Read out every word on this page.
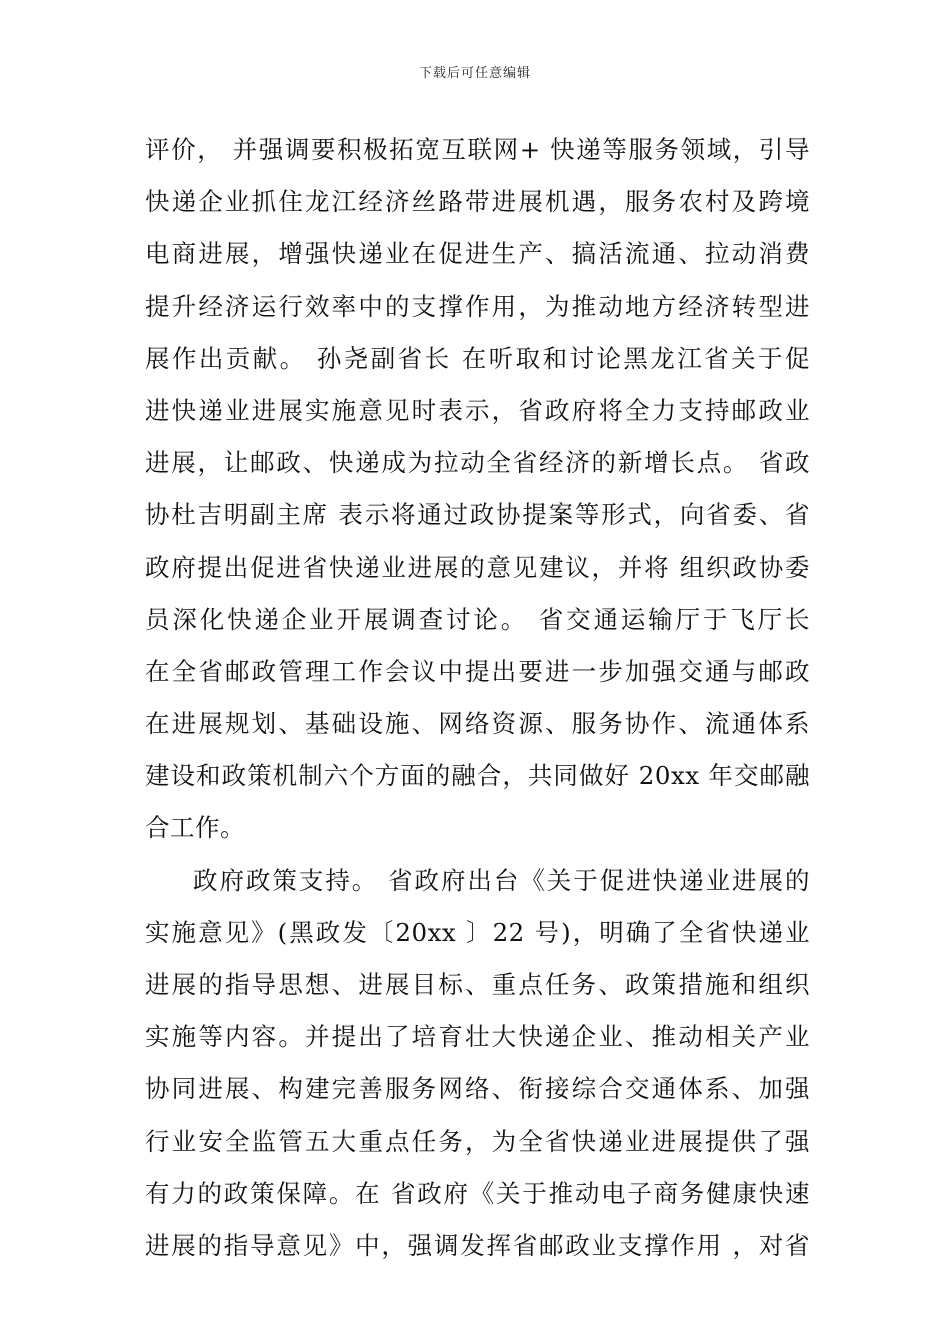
下载后可任意编辑
评价， 并强调要积极拓宽互联网+ 快递等服务领域，引导
快递企业抓住龙江经济丝路带进展机遇，服务农村及跨境
电商进展，增强快递业在促进生产、搞活流通、拉动消费
提升经济运行效率中的支撑作用，为推动地方经济转型进
展作出贡献。 孙尧副省长 在听取和讨论黑龙江省关于促
进快递业进展实施意见时表示，省政府将全力支持邮政业
进展，让邮政、快递成为拉动全省经济的新增长点。 省政
协杜吉明副主席 表示将通过政协提案等形式，向省委、省
政府提出促进省快递业进展的意见建议，并将 组织政协委
员深化快递企业开展调查讨论。 省交通运输厅于飞厅长
在全省邮政管理工作会议中提出要进一步加强交通与邮政
在进展规划、基础设施、网络资源、服务协作、流通体系
建设和政策机制六个方面的融合，共同做好 20xx 年交邮融
合工作。
政府政策支持。 省政府出台《关于促进快递业进展的
实施意见》(黑政发〔20xx 〕22 号)，明确了全省快递业
进展的指导思想、进展目标、重点任务、政策措施和组织
实施等内容。并提出了培育壮大快递企业、推动相关产业
协同进展、构建完善服务网络、衔接综合交通体系、加强
行业安全监管五大重点任务，为全省快递业进展提供了强
有力的政策保障。在 省政府《关于推动电子商务健康快速
进展的指导意见》中，强调发挥省邮政业支撑作用 ，对省
